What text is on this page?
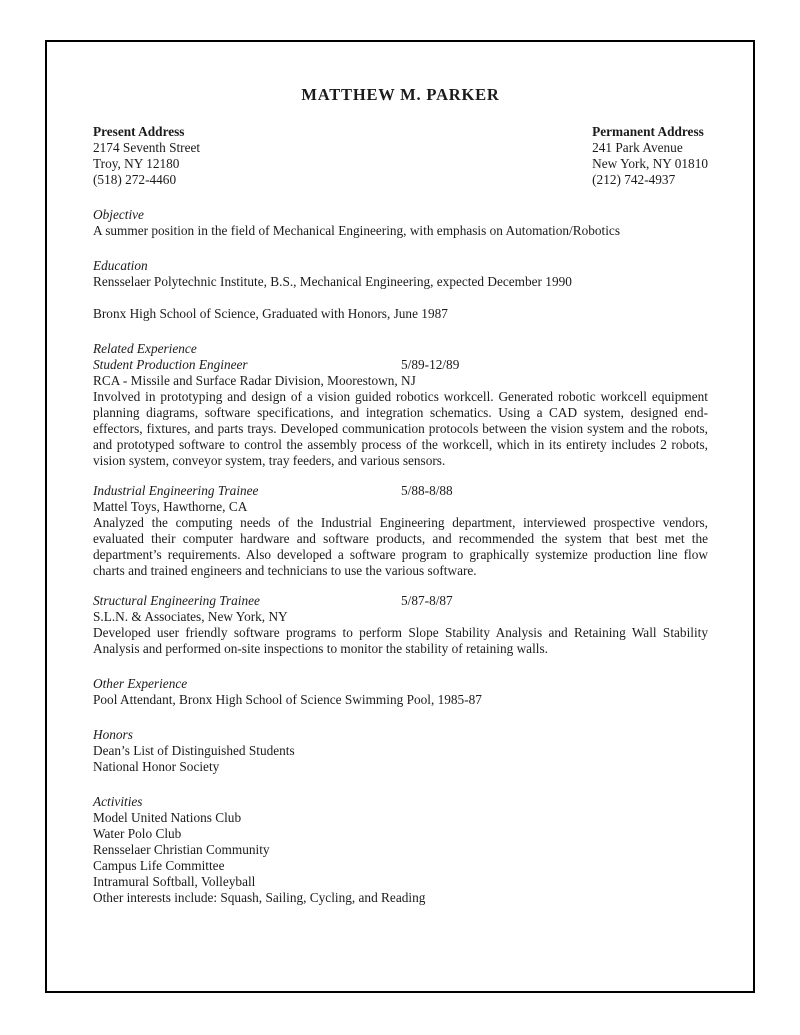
MATTHEW M. PARKER
Present Address
2174 Seventh Street
Troy, NY 12180
(518) 272-4460
Permanent Address
241 Park Avenue
New York, NY 01810
(212) 742-4937
Objective

A summer position in the field of Mechanical Engineering, with emphasis on Automation/Robotics

Education

Rensselaer Polytechnic Institute, B.S., Mechanical Engineering, expected December 1990

Bronx High School of Science, Graduated with Honors, June 1987

Related Experience
Student Production Engineer	5/89-12/89
RCA - Missile and Surface Radar Division, Moorestown, NJ

Involved in prototyping and design of a vision guided robotics workcell. Generated robotic workcell equipment planning diagrams, software specifications, and integration schematics. Using a CAD system, designed end-effectors, fixtures, and parts trays. Developed communication protocols between the vision system and the robots, and prototyped software to control the assembly process of the workcell, which in its entirety includes 2 robots, vision system, conveyor system, tray feeders, and various sensors.

Industrial Engineering Trainee	5/88-8/88
Mattel Toys, Hawthorne, CA

Analyzed the computing needs of the Industrial Engineering department, interviewed prospective vendors, evaluated their computer hardware and software products, and recommended the system that best met the department’s requirements. Also developed a software program to graphically systemize production line flow charts and trained engineers and technicians to use the various software.

Structural Engineering Trainee	5/87-8/87
S.L.N. & Associates, New York, NY

Developed user friendly software programs to perform Slope Stability Analysis and Retaining Wall Stability Analysis and performed on-site inspections to monitor the stability of retaining walls.

Other Experience

Pool Attendant, Bronx High School of Science Swimming Pool, 1985-87

Honors
Dean’s List of Distinguished Students
National Honor Society
Activities
Model United Nations Club
Water Polo Club
Rensselaer Christian Community
Campus Life Committee
Intramural Softball, Volleyball
Other interests include: Squash, Sailing, Cycling, and Reading
